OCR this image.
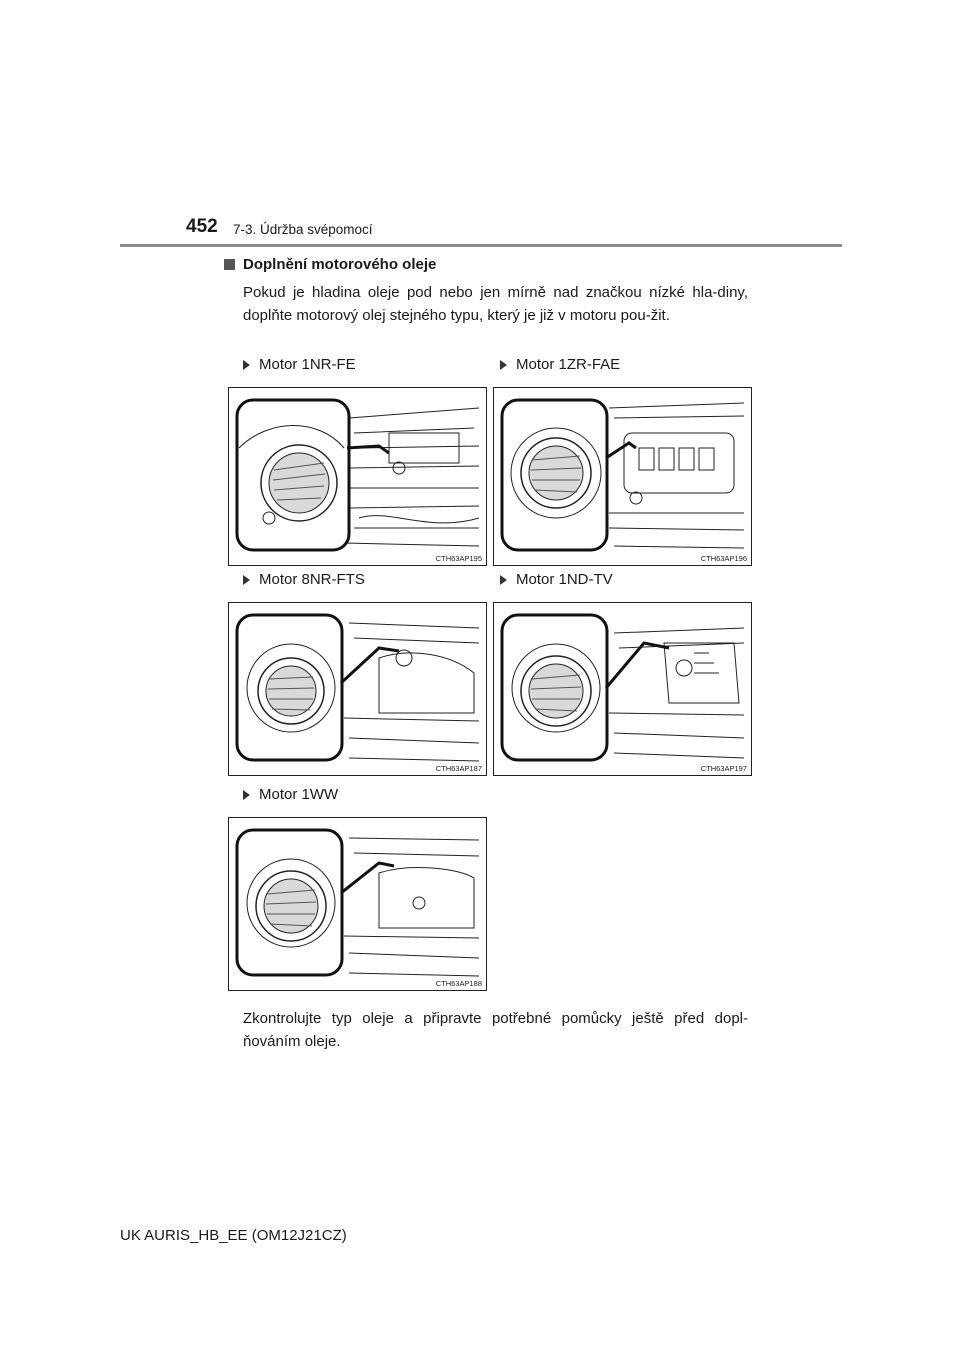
452 7-3. Údržba svépomocí
Doplnění motorového oleje
Pokud je hladina oleje pod nebo jen mírně nad značkou nízké hla-diny, doplňte motorový olej stejného typu, který je již v motoru pou-žit.
Motor 1NR-FE
CTH63AP195
Motor 1ZR-FAE
CTH63AP196
Motor 8NR-FTS
CTH63AP187
Motor 1ND-TV
CTH63AP197
Motor 1WW
CTH63AP188
Zkontrolujte typ oleje a připravte potřebné pomůcky ještě před dopl-ňováním oleje.
UK AURIS_HB_EE (OM12J21CZ)
